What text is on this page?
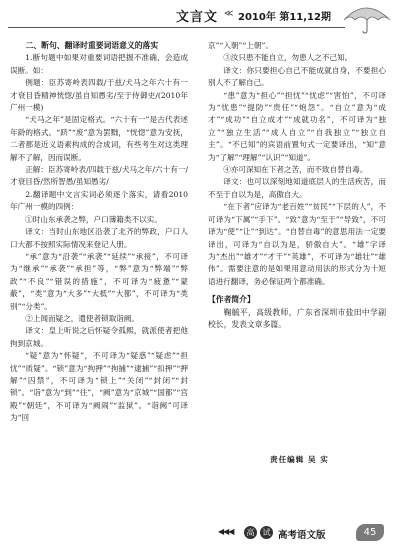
文言文 ≪ 2010年 第11,12期
二、断句、翻译时重要词语意义的落实

1.断句题中如果对重要词语把握不准确，会造成误断。如：

例题：臣苏寄岭表四载/于兹/犬马之年六十有一才衰目昏精神恍惚/虽自知愚劣/至于侍御史/(2010年广州一模)

“犬马之年”是固定格式。“六十有一”是古代表述年龄的格式。“跻”“废”意为罢黜，“恍惚”意为安抚，二者都是近义语素构成的合成词，有些考生对这类理解不了解，因而误断。

正解：臣苏寄岭表/四载于兹/犬马之年/六十有一/才衰目昏/然所智愚/虽知愚劣/

2.翻译题中文言实词必须逐个落实，请看2010年广州一模的四例：

①时山东承袭之弊，户口簿籍类不以实。

译文：当时山东地区沿袭了北齐的弊政，户口人口大都不按照实际情况来登记人册。

“承”意为“沿袭”“承袭”“延续”“承接”，不可译为“继承”“承袭”“承担”等，“弊”意为“弊端”“弊政”“不良”“错误的措施”，不可译为“疲惫”“蒙蔽”，“类”意为“大多”“大抵”“大都”，不可译为“类别”“分类”。

②上闻而疑之，遣使者锁取诣阙。

译文：皇上听说之后怀疑令孤熙，就派使者把他拘到京城。

“疑”意为“怀疑”，不可译为“疑惑”“疑虑”“担忧”“质疑”。“锁”意为“拘押”“拘捕”“逮捕”“扣押”“押解”“囚禁”，不可译为“锁上”“关闭”“封闭”“封锁”。“诣”意为“到”“往”，“阙”意为“京城”“国都”“宫殿”“朝廷”，不可译为“阙闹”“监狱”。“诣阙”可译为“回

京”“入朝”“上朝”。

③汝只患不能自立，勿患人之不己知。

译文：你只要担心自己不能成就自身，不要担心别人不了解自己。

“患”意为“担心”“担忧”“忧虑”“害怕”，不可译为“忧患”“提防”“贵任”“炮怨”。“自立”意为“成才”“成功”“自立成才”“成就功名”，不可译为“独立”“独立生活”“成人自立”“自我独立”“独立自主”。“不已知”的宾语前置句式一定要译出，“知”意为“了解”“理解”“认识”“知道”。

④亦可深知在下者之苦，而不致自替自毒。

译文：也可以深刻地知道底层人的生活疾苦，而不至于自以为是，高傲自大。

“在下者”应译为“老百姓”“贫民”“下层的人”，不可译为“下属”“手下”。“致”意为“至于”“导致”，不可译为“使”“让”“到达”。“自替自毒”的意思用法一定要译出，可译为“自以为是，骄傲自大”。“雄”字译为“杰出”“雄才”“才干”“英雄”，不可译为“雄壮”“雄伟”。需要注意的是如果用意动用法的形式分为十短语进行翻译，务必保证两个都准确。

【作者简介】

鞠毓平，高级教师，广东省深圳市盐田中学副校长，发表文章多篇。

责任编辑 吴 实
◀◀◀	高	试 高考语文版	45
